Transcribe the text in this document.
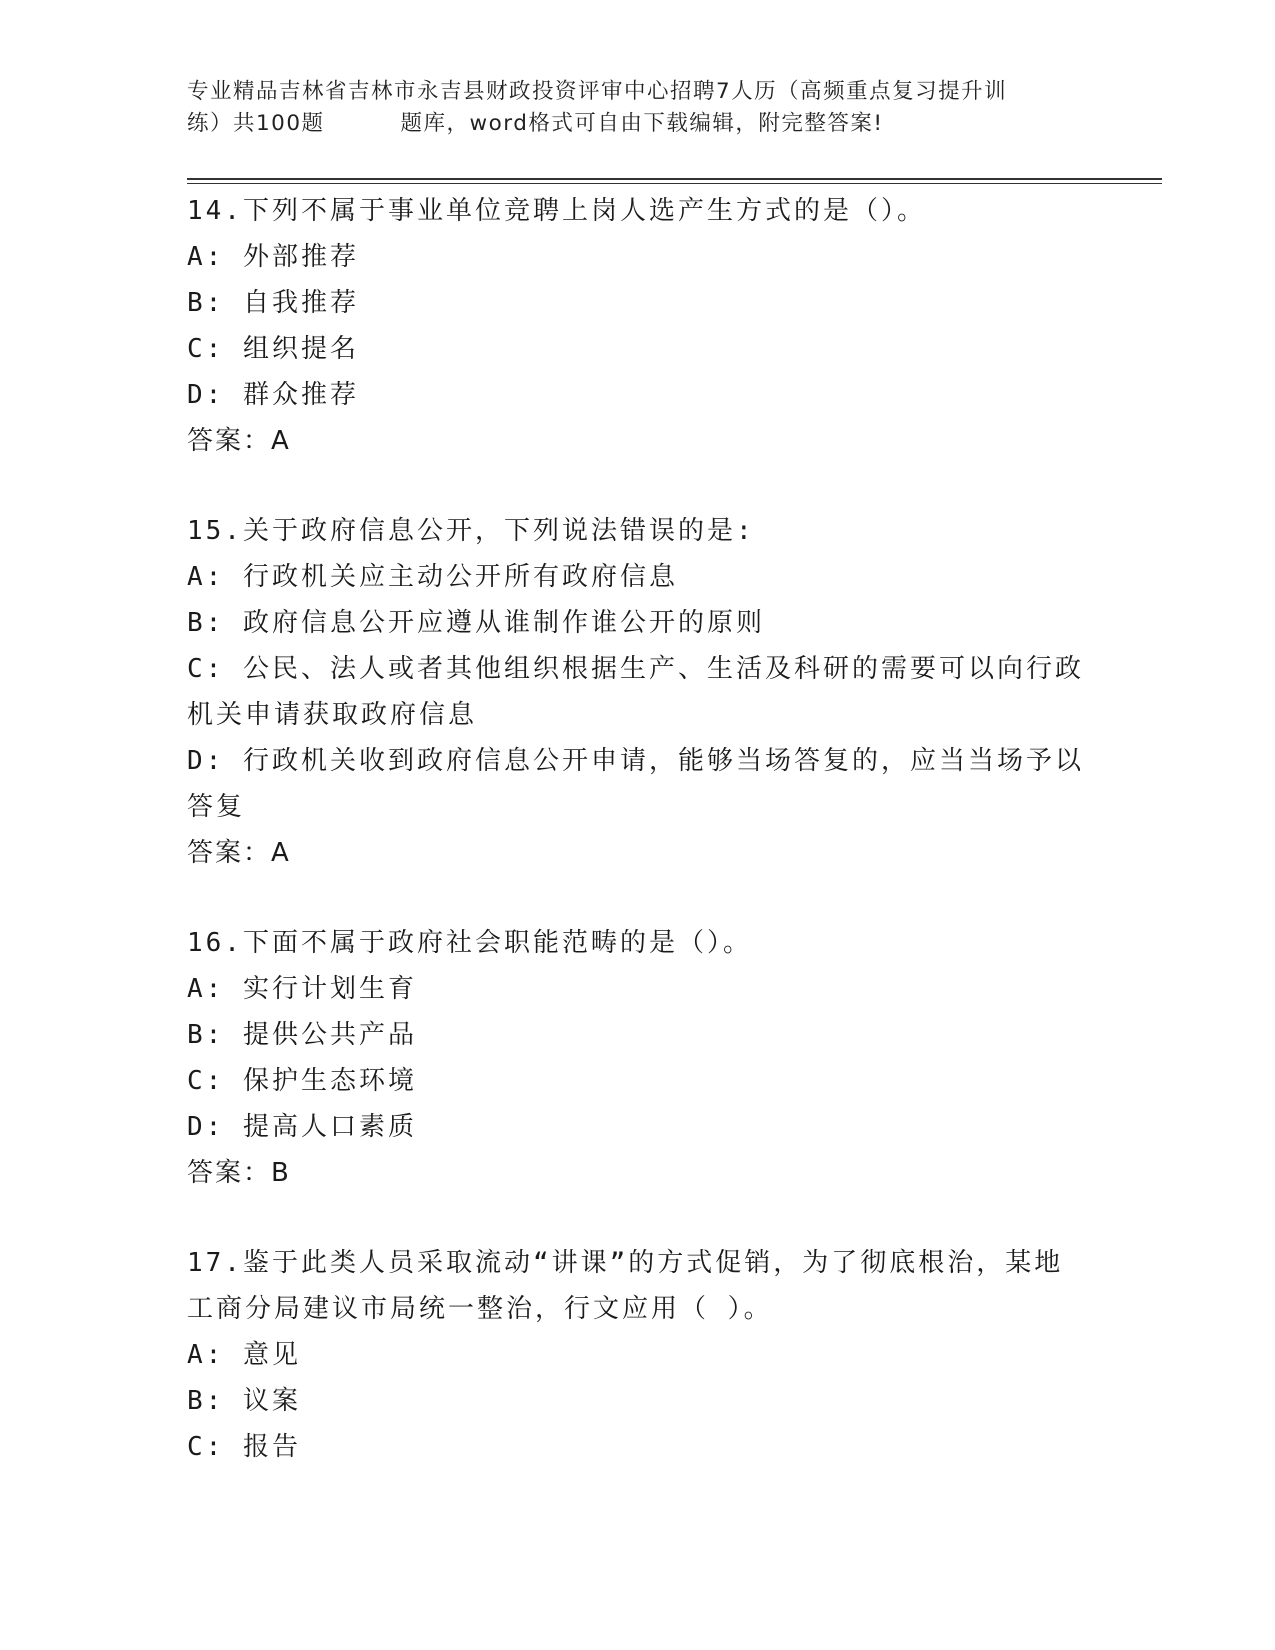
专业精品吉林省吉林市永吉县财政投资评审中心招聘7人历（高频重点复习提升训
练）共100题	题库，word格式可自由下载编辑，附完整答案!
14.下列不属于事业单位竞聘上岗人选产生方式的是（）。
A: 外部推荐
B: 自我推荐
C: 组织提名
D: 群众推荐
答案：A
15.关于政府信息公开，下列说法错误的是:
A: 行政机关应主动公开所有政府信息
B: 政府信息公开应遵从谁制作谁公开的原则
C: 公民、法人或者其他组织根据生产、生活及科研的需要可以向行政机关申请获取政府信息
D: 行政机关收到政府信息公开申请，能够当场答复的，应当当场予以答复
答案：A
16.下面不属于政府社会职能范畴的是（）。
A: 实行计划生育
B: 提供公共产品
C: 保护生态环境
D: 提高人口素质
答案：B
17.鉴于此类人员采取流动“讲课”的方式促销，为了彻底根治，某地工商分局建议市局统一整治，行文应用（ ）。
A: 意见
B: 议案
C: 报告
